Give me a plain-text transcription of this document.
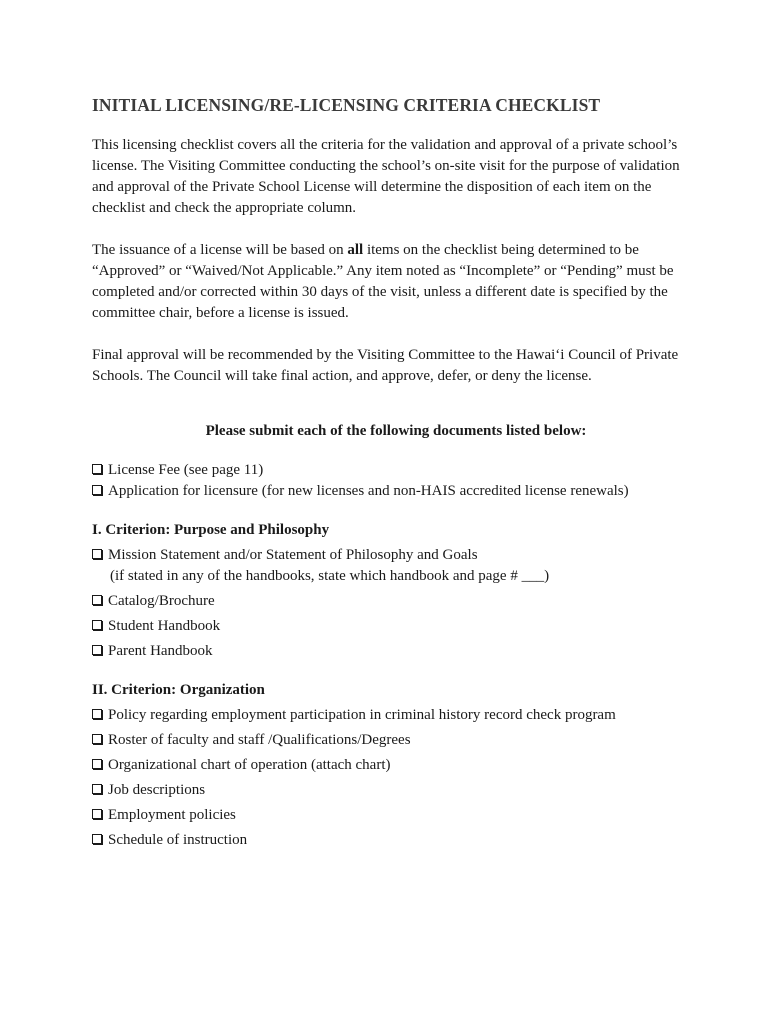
INITIAL LICENSING/RE-LICENSING CRITERIA CHECKLIST

This licensing checklist covers all the criteria for the validation and approval of a private school’s license. The Visiting Committee conducting the school’s on-site visit for the purpose of validation and approval of the Private School License will determine the disposition of each item on the checklist and check the appropriate column.

The issuance of a license will be based on all items on the checklist being determined to be “Approved” or “Waived/Not Applicable.” Any item noted as “Incomplete” or “Pending” must be completed and/or corrected within 30 days of the visit, unless a different date is specified by the committee chair, before a license is issued.

Final approval will be recommended by the Visiting Committee to the Hawai‘i Council of Private Schools. The Council will take final action, and approve, defer, or deny the license.

Please submit each of the following documents listed below:
License Fee (see page 11)
Application for licensure (for new licenses and non-HAIS accredited license renewals)
I. Criterion: Purpose and Philosophy
Mission Statement and/or Statement of Philosophy and Goals
(if stated in any of the handbooks, state which handbook and page # ___)
Catalog/Brochure
Student Handbook
Parent Handbook
II. Criterion: Organization
Policy regarding employment participation in criminal history record check program
Roster of faculty and staff /Qualifications/Degrees
Organizational chart of operation (attach chart)
Job descriptions
Employment policies
Schedule of instruction
